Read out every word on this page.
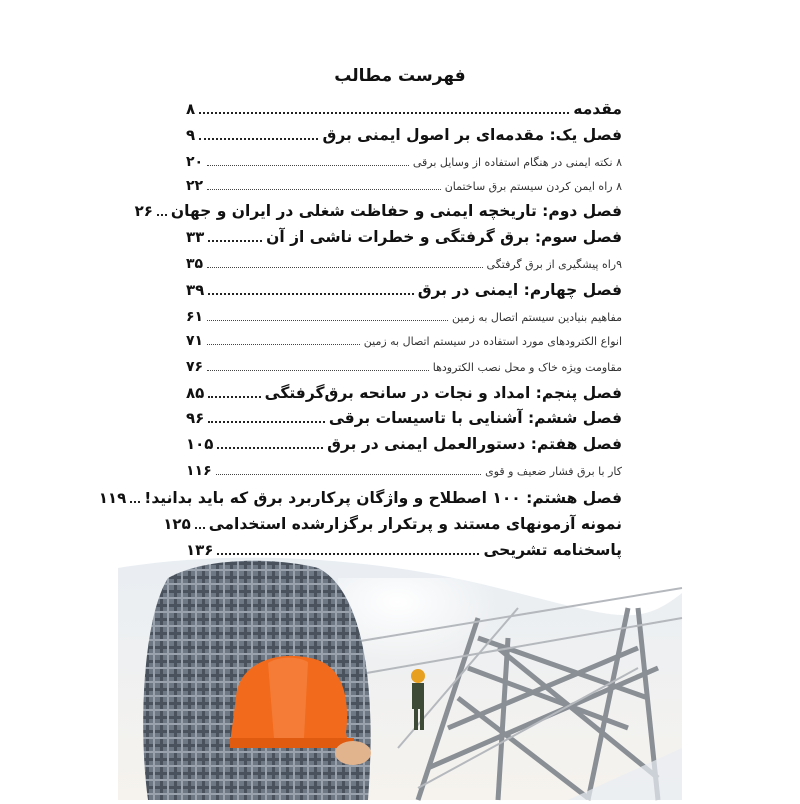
فهرست مطالب
مقدمه
۸
فصل یک: مقدمه‌ای بر اصول ایمنی برق
۹
۸ نکته ایمنی در هنگام استفاده از وسایل برقی
۲۰
۸ راه ایمن کردن سیستم برق ساختمان
۲۲
فصل دوم: تاریخچه ایمنی و حفاظت شغلی در ایران و جهان
۲۶
فصل سوم: برق گرفتگی و خطرات ناشی از آن
۳۳
۹راه پیشگیری از برق گرفتگی
۳۵
فصل چهارم: ایمنی در برق
۳۹
مفاهیم بنیادین سیستم اتصال به زمین
۶۱
انواع الکترودهای مورد استفاده در سیستم اتصال به زمین
۷۱
مقاومت ویژه خاک و محل نصب الکترودها
۷۶
فصل پنجم: امداد و نجات در سانحه برق‌گرفتگی
۸۵
فصل ششم: آشنایی با تاسیسات برقی
۹۶
فصل هفتم: دستورالعمل ایمنی در برق
۱۰۵
کار با برق فشار ضعیف و قوی
۱۱۶
فصل هشتم: ۱۰۰ اصطلاح و واژگان پرکاربرد برق که باید بدانید!
۱۱۹
نمونه آزمونهای مستند و پرتکرار برگزارشده استخدامی
۱۲۵
پاسخنامه تشریحی
۱۳۶
